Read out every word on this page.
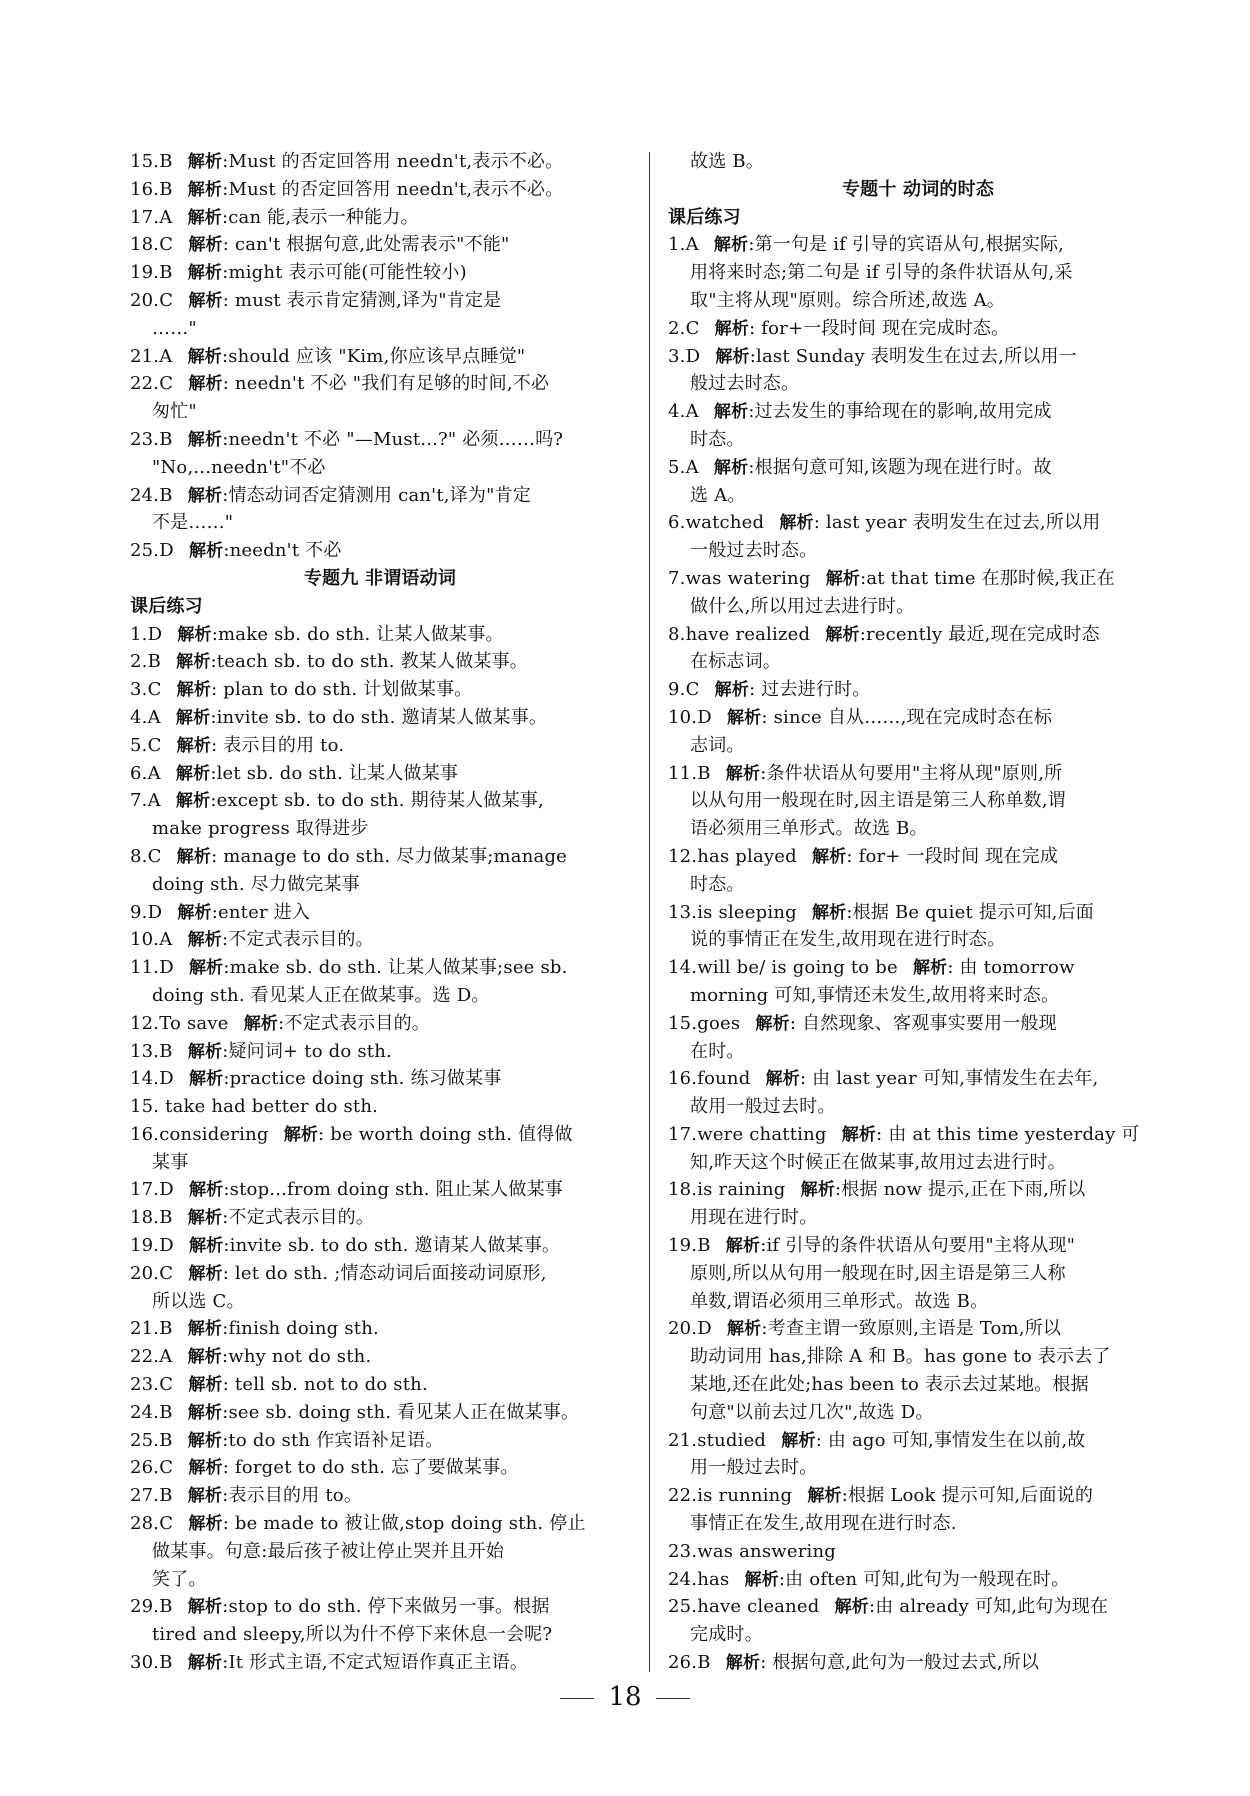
15.B  解析:Must 的否定回答用 needn't,表示不必。
16.B  解析:Must 的否定回答用 needn't,表示不必。
17.A  解析:can 能,表示一种能力。
18.C  解析: can't 根据句意,此处需表示"不能"
19.B  解析:might 表示可能(可能性较小)
20.C  解析: must 表示肯定猜测,译为"肯定是
……"
21.A  解析:should 应该 "Kim,你应该早点睡觉"
22.C  解析: needn't 不必 "我们有足够的时间,不必
匆忙"
23.B  解析:needn't 不必 "—Must...?" 必须……吗?
"No,...needn't"不必
24.B  解析:情态动词否定猜测用 can't,译为"肯定
不是……"
25.D  解析:needn't 不必
专题九 非谓语动词
课后练习
1.D  解析:make sb. do sth. 让某人做某事。
2.B  解析:teach sb. to do sth. 教某人做某事。
3.C  解析: plan to do sth. 计划做某事。
4.A  解析:invite sb. to do sth. 邀请某人做某事。
5.C  解析: 表示目的用 to.
6.A  解析:let sb. do sth. 让某人做某事
7.A  解析:except sb. to do sth. 期待某人做某事,
make progress 取得进步
8.C  解析: manage to do sth. 尽力做某事;manage
doing sth. 尽力做完某事
9.D  解析:enter 进入
10.A  解析:不定式表示目的。
11.D  解析:make sb. do sth. 让某人做某事;see sb.
doing sth. 看见某人正在做某事。选 D。
12.To save  解析:不定式表示目的。
13.B  解析:疑问词+ to do sth.
14.D  解析:practice doing sth. 练习做某事
15. take had better do sth.
16.considering  解析: be worth doing sth. 值得做
某事
17.D  解析:stop...from doing sth. 阻止某人做某事
18.B  解析:不定式表示目的。
19.D  解析:invite sb. to do sth. 邀请某人做某事。
20.C  解析: let do sth. ;情态动词后面接动词原形,
所以选 C。
21.B  解析:finish doing sth.
22.A  解析:why not do sth.
23.C  解析: tell sb. not to do sth.
24.B  解析:see sb. doing sth. 看见某人正在做某事。
25.B  解析:to do sth 作宾语补足语。
26.C  解析: forget to do sth. 忘了要做某事。
27.B  解析:表示目的用 to。
28.C  解析: be made to 被让做,stop doing sth. 停止
做某事。句意:最后孩子被让停止哭并且开始
笑了。
29.B  解析:stop to do sth. 停下来做另一事。根据
tired and sleepy,所以为什不停下来休息一会呢?
30.B  解析:It 形式主语,不定式短语作真正主语。
故选 B。
专题十 动词的时态
课后练习
1.A  解析:第一句是 if 引导的宾语从句,根据实际,
用将来时态;第二句是 if 引导的条件状语从句,采
取"主将从现"原则。综合所述,故选 A。
2.C  解析: for+一段时间 现在完成时态。
3.D  解析:last Sunday 表明发生在过去,所以用一
般过去时态。
4.A  解析:过去发生的事给现在的影响,故用完成
时态。
5.A  解析:根据句意可知,该题为现在进行时。故
选 A。
6.watched  解析: last year 表明发生在过去,所以用
一般过去时态。
7.was watering  解析:at that time 在那时候,我正在
做什么,所以用过去进行时。
8.have realized  解析:recently 最近,现在完成时态
在标志词。
9.C  解析: 过去进行时。
10.D  解析: since 自从……,现在完成时态在标
志词。
11.B  解析:条件状语从句要用"主将从现"原则,所
以从句用一般现在时,因主语是第三人称单数,谓
语必须用三单形式。故选 B。
12.has played  解析: for+ 一段时间 现在完成
时态。
13.is sleeping  解析:根据 Be quiet 提示可知,后面
说的事情正在发生,故用现在进行时态。
14.will be/ is going to be  解析: 由 tomorrow
morning 可知,事情还未发生,故用将来时态。
15.goes  解析: 自然现象、客观事实要用一般现
在时。
16.found  解析: 由 last year 可知,事情发生在去年,
故用一般过去时。
17.were chatting  解析: 由 at this time yesterday 可
知,昨天这个时候正在做某事,故用过去进行时。
18.is raining  解析:根据 now 提示,正在下雨,所以
用现在进行时。
19.B  解析:if 引导的条件状语从句要用"主将从现"
原则,所以从句用一般现在时,因主语是第三人称
单数,谓语必须用三单形式。故选 B。
20.D  解析:考查主谓一致原则,主语是 Tom,所以
助动词用 has,排除 A 和 B。has gone to 表示去了
某地,还在此处;has been to 表示去过某地。根据
句意"以前去过几次",故选 D。
21.studied  解析: 由 ago 可知,事情发生在以前,故
用一般过去时。
22.is running  解析:根据 Look 提示可知,后面说的
事情正在发生,故用现在进行时态.
23.was answering
24.has  解析:由 often 可知,此句为一般现在时。
25.have cleaned  解析:由 already 可知,此句为现在
完成时。
26.B  解析: 根据句意,此句为一般过去式,所以
18
